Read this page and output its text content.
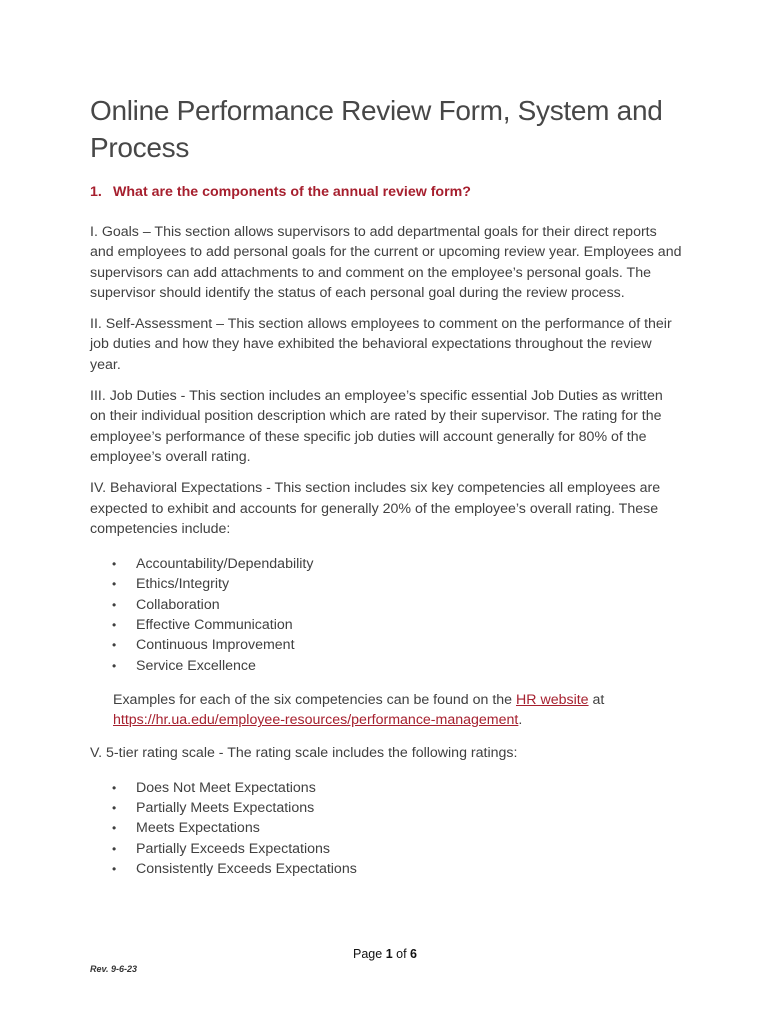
Online Performance Review Form, System and Process
1. What are the components of the annual review form?

I. Goals – This section allows supervisors to add departmental goals for their direct reports and employees to add personal goals for the current or upcoming review year. Employees and supervisors can add attachments to and comment on the employee’s personal goals. The supervisor should identify the status of each personal goal during the review process.

II. Self-Assessment – This section allows employees to comment on the performance of their job duties and how they have exhibited the behavioral expectations throughout the review year.

III. Job Duties - This section includes an employee’s specific essential Job Duties as written on their individual position description which are rated by their supervisor. The rating for the employee’s performance of these specific job duties will account generally for 80% of the employee’s overall rating.

IV. Behavioral Expectations - This section includes six key competencies all employees are expected to exhibit and accounts for generally 20% of the employee’s overall rating. These competencies include:

•	Accountability/Dependability
•	Ethics/Integrity
•	Collaboration
•	Effective Communication
•	Continuous Improvement
•	Service Excellence

Examples for each of the six competencies can be found on the HR website at https://hr.ua.edu/employee-resources/performance-management.

V. 5-tier rating scale - The rating scale includes the following ratings:

•	Does Not Meet Expectations
•	Partially Meets Expectations
•	Meets Expectations
•	Partially Exceeds Expectations
•	Consistently Exceeds Expectations
Page 1 of 6
Rev. 9-6-23
